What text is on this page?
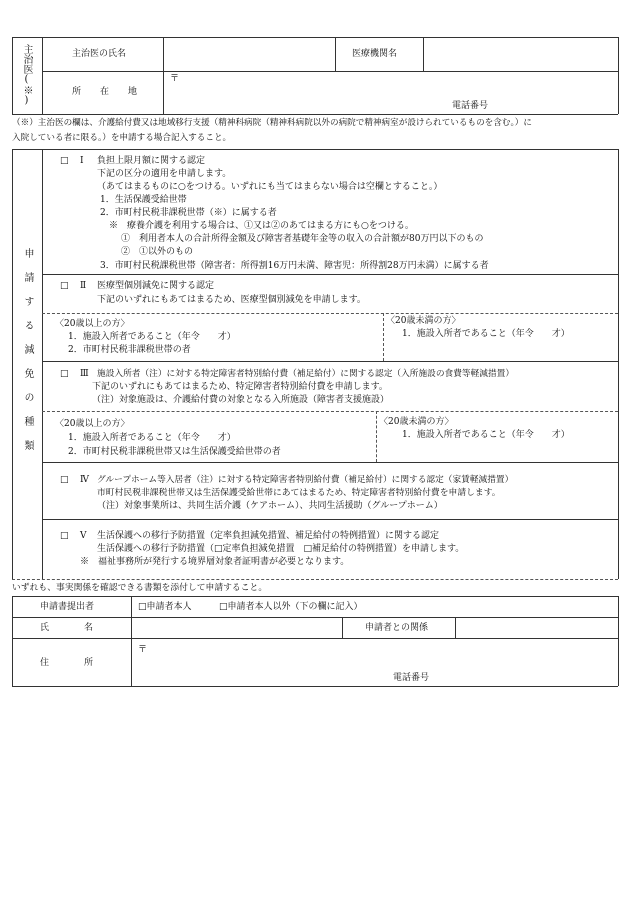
主治医(※)	主治医の氏名	医療機関名
所　在　地
〒
電話番号
（※）主治医の欄は、介護給付費又は地域移行支援（精神科病院（精神科病院以外の病院で精神病室が設けられているものを含む。）に
入院している者に限る。）を申請する場合記入すること。
申請する減免の種類
□ Ⅰ 負担上限月額に関する認定
下記の区分の適用を申請します。
（あてはまるものに○をつける。いずれにも当てはまらない場合は空欄とすること。）
1．生活保護受給世帯
2．市町村民税非課税世帯（※）に属する者
※　療養介護を利用する場合は、①又は②のあてはまる方にも○をつける。
①　利用者本人の合計所得金額及び障害者基礎年金等の収入の合計額が80万円以下のもの
②　①以外のもの
3．市町村民税課税世帯（障害者：所得割16万円未満、障害児：所得割28万円未満）に属する者
□ Ⅱ 医療型個別減免に関する認定
下記のいずれにもあてはまるため、医療型個別減免を申請します。
〈20歳以上の方〉
1．施設入所者であること（年令　　才）
2．市町村民税非課税世帯の者
〈20歳未満の方〉
1．施設入所者であること（年令　　才）
□ Ⅲ 施設入所者（注）に対する特定障害者特別給付費（補足給付）に関する認定（入所施設の食費等軽減措置）
下記のいずれにもあてはまるため、特定障害者特別給付費を申請します。
（注）対象施設は、介護給付費の対象となる入所施設（障害者支援施設）
〈20歳以上の方〉
1．施設入所者であること（年令　　才）
2．市町村民税非課税世帯又は生活保護受給世帯の者
〈20歳未満の方〉
1．施設入所者であること（年令　　才）
□ Ⅳ グループホーム等入居者（注）に対する特定障害者特別給付費（補足給付）に関する認定（家賃軽減措置）
市町村民税非課税世帯又は生活保護受給世帯にあてはまるため、特定障害者特別給付費を申請します。
（注）対象事業所は、共同生活介護（ケアホーム）、共同生活援助（グループホーム）
□ Ⅴ 生活保護への移行予防措置（定率負担減免措置、補足給付の特例措置）に関する認定
生活保護への移行予防措置（□定率負担減免措置　□補足給付の特例措置）を申請します。
※　福祉事務所が発行する境界層対象者証明書が必要となります。
いずれも、事実関係を確認できる書類を添付して申請すること。
申請書提出者	□申請者本人	□申請者本人以外（下の欄に記入）
氏　　　名	申請者との関係
住　　　所
〒
電話番号
